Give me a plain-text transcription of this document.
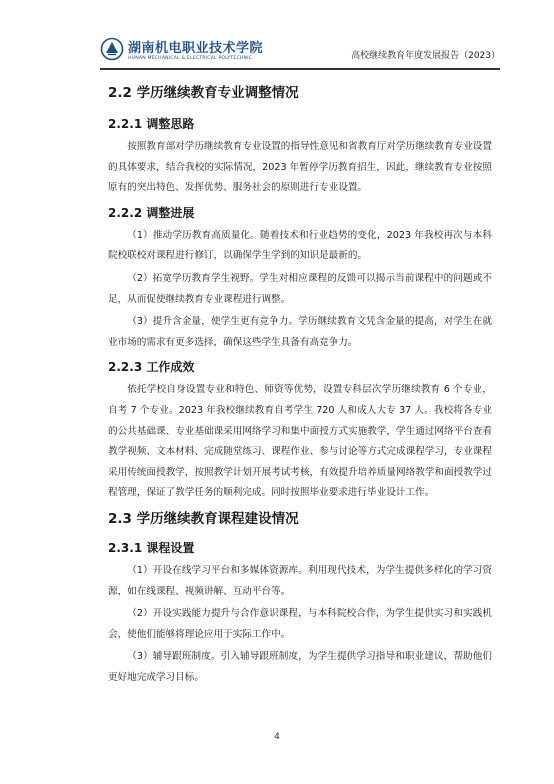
湖南机电职业技术学院
HUNAN MECHANICAL & ELECTRICAL POLYTECHNIC	高校继续教育年度发展报告（2023）
2.2 学历继续教育专业调整情况
2.2.1 调整思路

按照教育部对学历继续教育专业设置的指导性意见和省教育厅对学历继续教育专业设置的具体要求，结合我校的实际情况，2023 年暂停学历教育招生，因此，继续教育专业按照原有的突出特色、发挥优势、服务社会的原则进行专业设置。

2.2.2 调整进展

（1）推动学历教育高质量化。随着技术和行业趋势的变化，2023 年我校再次与本科院校联校对课程进行修订，以确保学生学到的知识是最新的。

（2）拓宽学历教育学生视野。学生对相应课程的反馈可以揭示当前课程中的问题或不足，从而促使继续教育专业课程进行调整。

（3）提升含金量，使学生更有竞争力。学历继续教育文凭含金量的提高，对学生在就业市场的需求有更多选择，确保这些学生具备有高竞争力。

2.2.3 工作成效

依托学校自身设置专业和特色、师资等优势，设置专科层次学历继续教育 6 个专业，自考 7 个专业。2023 年我校继续教育自考学生 720 人和成人大专 37 人。我校将各专业的公共基础课、专业基础课采用网络学习和集中面授方式实施教学，学生通过网络平台查看教学视频、文本材料、完成随堂练习、课程作业、参与讨论等方式完成课程学习，专业课程采用传统面授教学，按照教学计划开展考试考核，有效提升培养质量网络教学和面授教学过程管理，保证了教学任务的顺利完成。同时按照毕业要求进行毕业设计工作。

2.3 学历继续教育课程建设情况
2.3.1 课程设置

（1）开设在线学习平台和多媒体资源库。利用现代技术，为学生提供多样化的学习资源，如在线课程、视频讲解、互动平台等。

（2）开设实践能力提升与合作意识课程，与本科院校合作，为学生提供实习和实践机会，使他们能够将理论应用于实际工作中。

（3）辅导跟班制度。引入辅导跟班制度，为学生提供学习指导和职业建议，帮助他们更好地完成学习目标。

4
